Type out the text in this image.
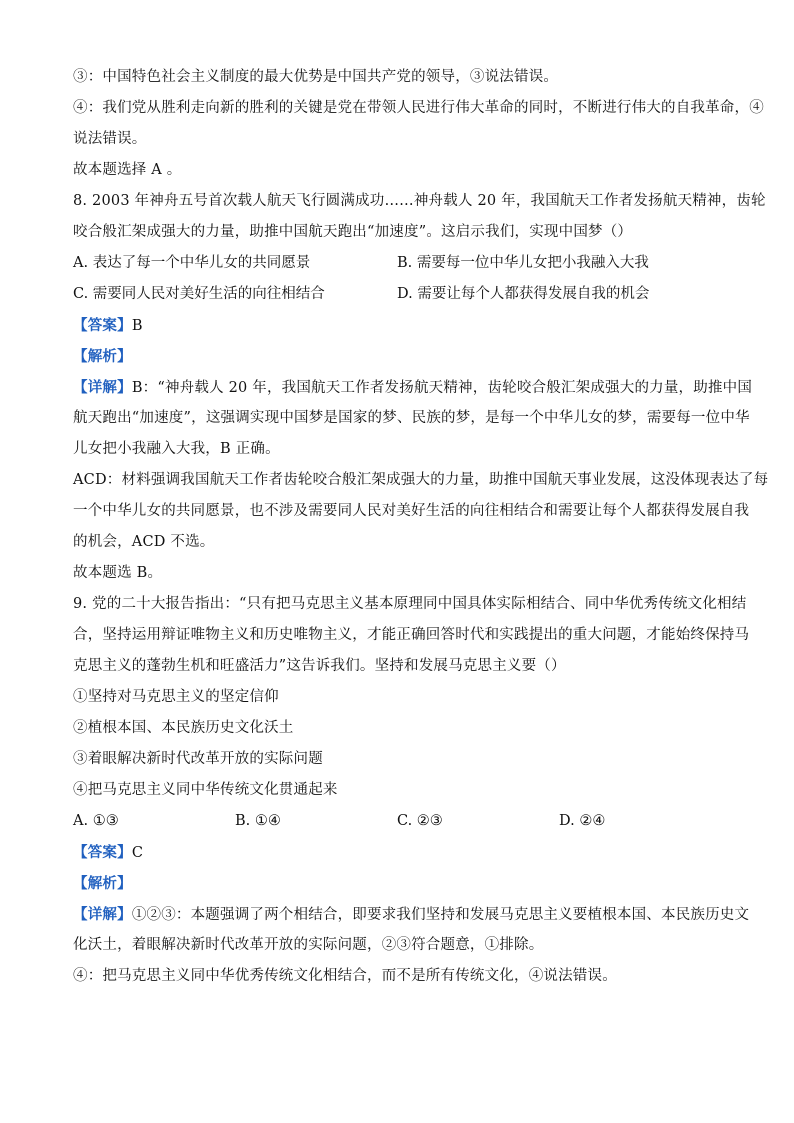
③：中国特色社会主义制度的最大优势是中国共产党的领导，③说法错误。
④：我们党从胜利走向新的胜利的关键是党在带领人民进行伟大革命的同时，不断进行伟大的自我革命，④
说法错误。
故本题选择 A 。
8. 2003 年神舟五号首次载人航天飞行圆满成功……神舟载人 20 年，我国航天工作者发扬航天精神，齿轮
咬合般汇架成强大的力量，助推中国航天跑出“加速度”。这启示我们，实现中国梦（）
A. 表达了每一个中华儿女的共同愿景	B. 需要每一位中华儿女把小我融入大我
C. 需要同人民对美好生活的向往相结合	D. 需要让每个人都获得发展自我的机会
【答案】B
【解析】
【详解】B：“神舟载人 20 年，我国航天工作者发扬航天精神，齿轮咬合般汇架成强大的力量，助推中国
航天跑出“加速度”，这强调实现中国梦是国家的梦、民族的梦，是每一个中华儿女的梦，需要每一位中华
儿女把小我融入大我，B 正确。
ACD：材料强调我国航天工作者齿轮咬合般汇架成强大的力量，助推中国航天事业发展，这没体现表达了每
一个中华儿女的共同愿景，也不涉及需要同人民对美好生活的向往相结合和需要让每个人都获得发展自我
的机会，ACD 不选。
故本题选 B。
9. 党的二十大报告指出：“只有把马克思主义基本原理同中国具体实际相结合、同中华优秀传统文化相结
合，坚持运用辩证唯物主义和历史唯物主义，才能正确回答时代和实践提出的重大问题，才能始终保持马
克思主义的蓬勃生机和旺盛活力”这告诉我们。坚持和发展马克思主义要（）
①坚持对马克思主义的坚定信仰
②植根本国、本民族历史文化沃土
③着眼解决新时代改革开放的实际问题
④把马克思主义同中华传统文化贯通起来
A. ①③	B. ①④	C. ②③	D. ②④
【答案】C
【解析】
【详解】①②③：本题强调了两个相结合，即要求我们坚持和发展马克思主义要植根本国、本民族历史文
化沃土，着眼解决新时代改革开放的实际问题，②③符合题意，①排除。
④：把马克思主义同中华优秀传统文化相结合，而不是所有传统文化，④说法错误。
